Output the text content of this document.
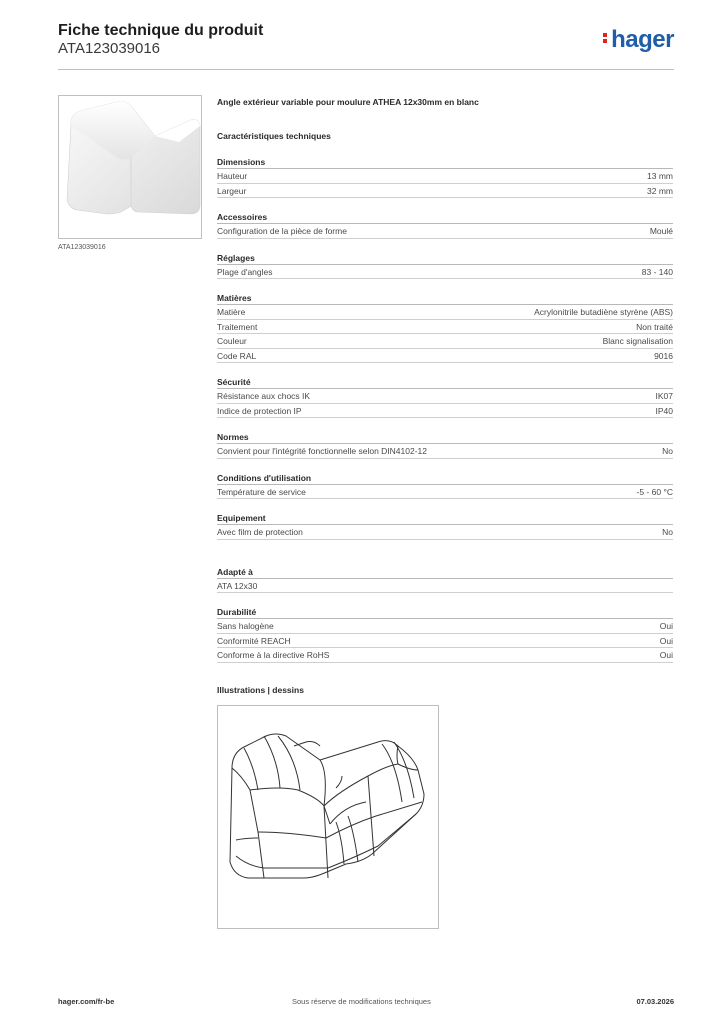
Fiche technique du produit
ATA123039016	hager
ATA123039016
Angle extérieur variable pour moulure ATHEA 12x30mm en blanc
Caractéristiques techniques
Dimensions
Hauteur	13 mm
Largeur	32 mm
Accessoires
Configuration de la pièce de forme	Moulé
Réglages
Plage d'angles	83 - 140
Matières
Matière	Acrylonitrile butadiène styrène (ABS)
Traitement	Non traité
Couleur	Blanc signalisation
Code RAL	9016
Sécurité
Résistance aux chocs IK	IK07
Indice de protection IP	IP40
Normes
Convient pour l'intégrité fonctionnelle selon DIN4102-12	No
Conditions d'utilisation
Température de service	-5 - 60 °C
Equipement
Avec film de protection	No
Adapté à
ATA 12x30
Durabilité
Sans halogène	Oui
Conformité REACH	Oui
Conforme à la directive RoHS	Oui
Illustrations | dessins
hager.com/fr-be	Sous réserve de modifications techniques	07.03.2026
